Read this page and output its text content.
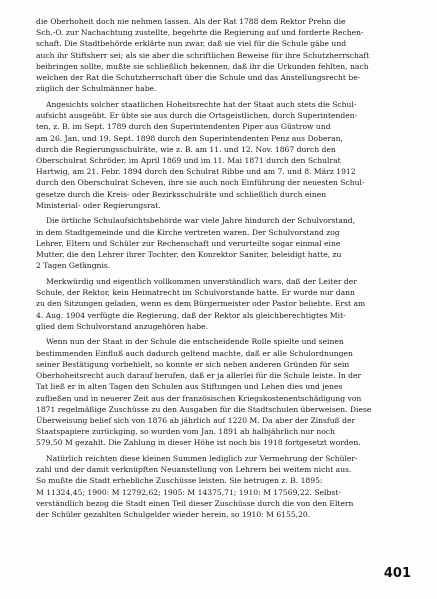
die Oberhoheit doch nie nehmen lassen. Als der Rat 1788 dem Rektor Prehn die
Sch.-O. zur Nachachtung zustellte, begehrte die Regierung auf und forderte Rechen-
schaft. Die Stadtbehörde erklärte nun zwar, daß sie viel für die Schule gäbe und
auch ihr Stiftsherr sei; als sie aber die schriftlichen Beweise für ihre Schutzherrschaft
beibringen sollte, mußte sie schließlich bekennen, daß ihr die Urkunden fehlten, nach
welchen der Rat die Schutzherrschaft über die Schule und das Anstellungsrecht be-
züglich der Schulmänner habe.

Angesichts solcher staatlichen Hoheitsrechte hat der Staat auch stets die Schul-
aufsicht ausgeübt. Er übte sie aus durch die Ortsgeistlichen, durch Superintenden-
ten, z. B. im Sept. 1789 durch den Superintendenten Piper aus Güstrow und
am 26. Jan. und 19. Sept. 1898 durch den Superintendenten Penz aus Doberan,
durch die Regierungsschulräte, wie z. B. am 11. und 12. Nov. 1867 durch den
Oberschulrat Schröder, im April 1869 und im 11. Mai 1871 durch den Schulrat
Hartwig, am 21. Febr. 1894 durch den Schulrat Ribbe und am 7. und 8. März 1912
durch den Oberschulrat Scheven, ihre sie auch noch Einführung der neuesten Schul-
gesetze durch die Kreis- oder Bezirksschulräte und schließlich durch einen
Ministerial- oder Regierungsrat.

Die örtliche Schulaufsichtsbehörde war viele Jahre hindurch der Schulvorstand,
in dem Stadtgemeinde und die Kirche vertreten waren. Der Schulvorstand zog
Lehrer, Eltern und Schüler zur Rechenschaft und verurteilte sogar einmal eine
Mutter, die den Lehrer ihrer Tochter, den Konrektor Saniter, beleidigt hatte, zu
2 Tagen Gefängnis.

Merkwürdig und eigentlich vollkommen unverständlich wars, daß der Leiter der
Schule, der Rektor, kein Heimatrecht im Schulvorstande hatte. Er wurde nur dann
zu den Sitzungen geladen, wenn es dem Bürgermeister oder Pastor beliebte. Erst am
4. Aug. 1904 verfügte die Regierung, daß der Rektor als gleichberechtigtes Mit-
glied dem Schulvorstand anzugehören habe.

Wenn nun der Staat in der Schule die entscheidende Rolle spielte und seinen
bestimmenden Einfluß auch dadurch geltend machte, daß er alle Schulordnungen
seiner Bestätigung vorbehielt, so konnte er sich neben anderen Gründen für sein
Oberhoheitsrecht auch darauf berufen, daß er ja allerlei für die Schule leiste. In der
Tat ließ er in alten Tagen den Schulen aus Stiftungen und Lehen dies und jenes
zufließen und in neuerer Zeit aus der französischen Kriegskostenentschädigung von
1871 regelmäßige Zuschüsse zu den Ausgaben für die Stadtschulen überweisen. Diese
Überweisung belief sich von 1876 ab jährlich auf 1220 M. Da aber der Zinsfuß der
Staatspapiere zurückging, so wurden vom Jan. 1891 ab halbjährlich nur noch
579,50 M gezahlt. Die Zahlung in dieser Höhe ist noch bis 1918 fortgesetzt worden.

Natürlich reichten diese kleinen Summen lediglich zur Vermehrung der Schüler-
zahl und der damit verknüpften Neuanstellung von Lehrern bei weitem nicht aus.
So mußte die Stadt erhebliche Zuschüsse leisten. Sie betrugen z. B. 1895:
M 11324,45; 1900: M 12792,62; 1905: M 14375,71; 1910: M 17569,22. Selbst-
verständlich bezog die Stadt einen Teil dieser Zuschüsse durch die von den Eltern
der Schüler gezahlten Schulgelder wieder herein, so 1910: M 6155,20.

401
